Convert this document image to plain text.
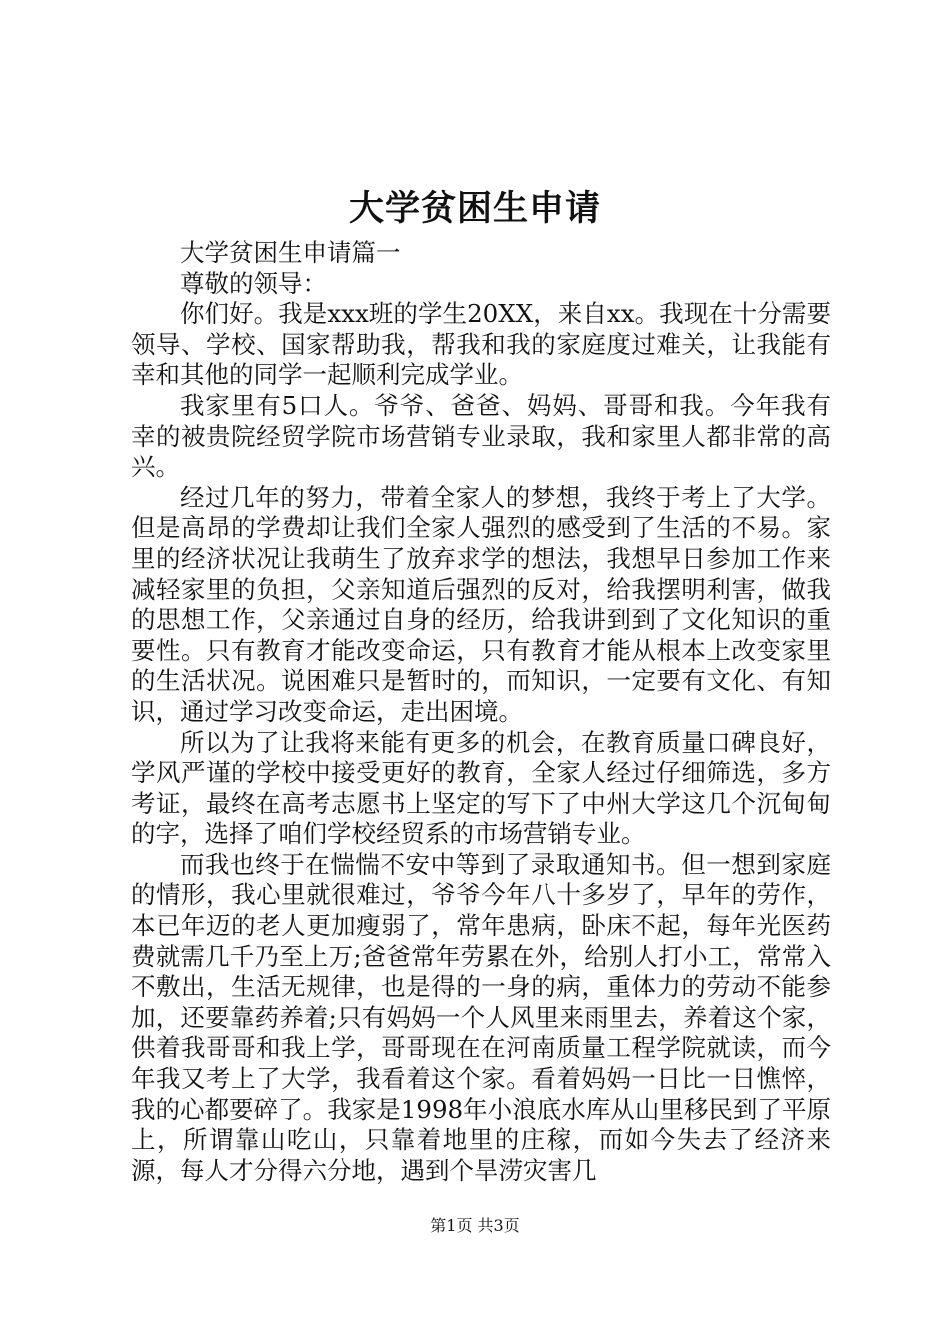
大学贫困生申请

大学贫困生申请篇一

尊敬的领导：

你们好。我是xxx班的学生20XX，来自xx。我现在十分需要领导、学校、国家帮助我，帮我和我的家庭度过难关，让我能有幸和其他的同学一起顺利完成学业。

我家里有5口人。爷爷、爸爸、妈妈、哥哥和我。今年我有幸的被贵院经贸学院市场营销专业录取，我和家里人都非常的高兴。

经过几年的努力，带着全家人的梦想，我终于考上了大学。但是高昂的学费却让我们全家人强烈的感受到了生活的不易。家里的经济状况让我萌生了放弃求学的想法，我想早日参加工作来减轻家里的负担，父亲知道后强烈的反对，给我摆明利害，做我的思想工作，父亲通过自身的经历，给我讲到到了文化知识的重要性。只有教育才能改变命运，只有教育才能从根本上改变家里的生活状况。说困难只是暂时的，而知识，一定要有文化、有知识，通过学习改变命运，走出困境。

所以为了让我将来能有更多的机会，在教育质量口碑良好，学风严谨的学校中接受更好的教育，全家人经过仔细筛选，多方考证，最终在高考志愿书上坚定的写下了中州大学这几个沉甸甸的字，选择了咱们学校经贸系的市场营销专业。

而我也终于在惴惴不安中等到了录取通知书。但一想到家庭的情形，我心里就很难过，爷爷今年八十多岁了，早年的劳作，本已年迈的老人更加瘦弱了，常年患病，卧床不起，每年光医药费就需几千乃至上万;爸爸常年劳累在外，给别人打小工，常常入不敷出，生活无规律，也是得的一身的病，重体力的劳动不能参加，还要靠药养着;只有妈妈一个人风里来雨里去，养着这个家，供着我哥哥和我上学，哥哥现在在河南质量工程学院就读，而今年我又考上了大学，我看着这个家。看着妈妈一日比一日憔悴，我的心都要碎了。我家是1998年小浪底水库从山里移民到了平原上，所谓靠山吃山，只靠着地里的庄稼，而如今失去了经济来源，每人才分得六分地，遇到个旱涝灾害几

第1页 共3页
